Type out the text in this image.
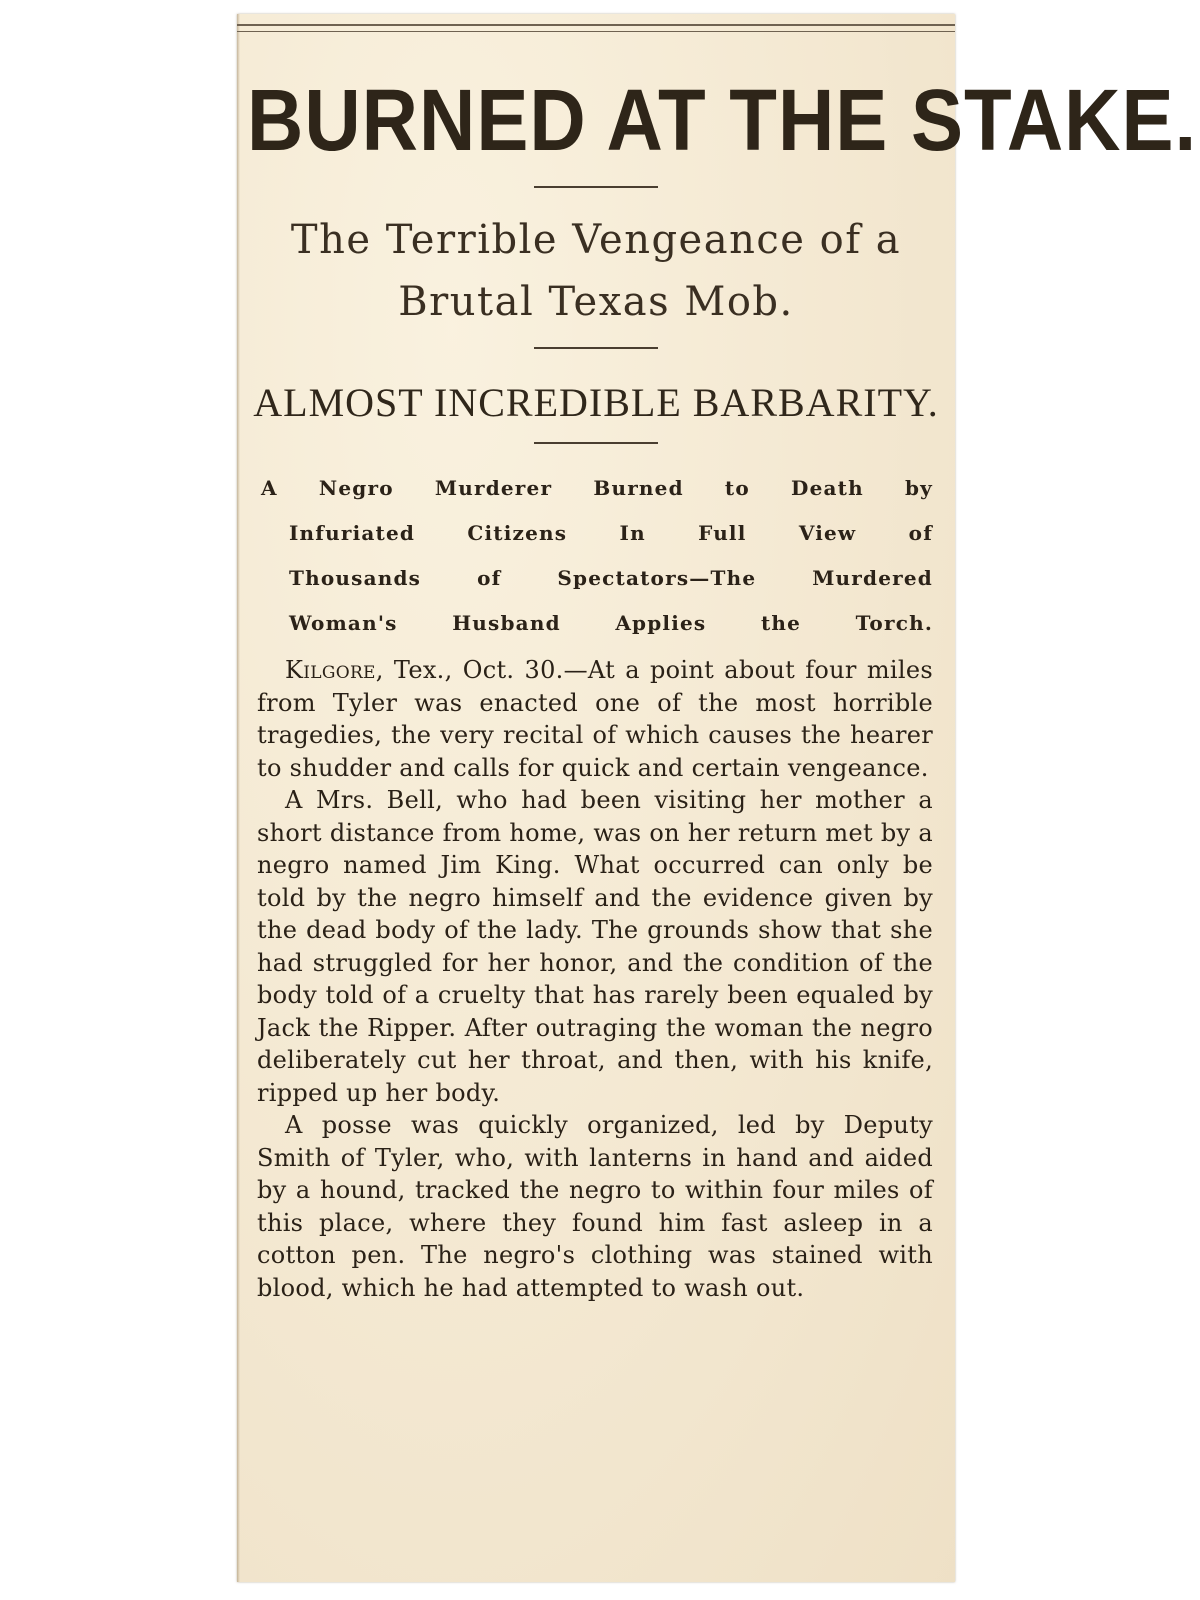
BURNED AT THE STAKE.
The Terrible Vengeance of a
Brutal Texas Mob.
ALMOST INCREDIBLE BARBARITY.
A Negro Murderer Burned to Death by
Infuriated Citizens In Full View of
Thousands of Spectators—The Murdered
Woman's Husband Applies the Torch.

Kilgore, Tex., Oct. 30.—At a point about four miles from Tyler was enacted one of the most horrible tragedies, the very recital of which causes the hearer to shudder and calls for quick and certain vengeance.

A Mrs. Bell, who had been visiting her mother a short distance from home, was on her return met by a negro named Jim King. What occurred can only be told by the negro himself and the evidence given by the dead body of the lady. The grounds show that she had struggled for her honor, and the condition of the body told of a cruelty that has rarely been equaled by Jack the Ripper. After outraging the woman the negro deliberately cut her throat, and then, with his knife, ripped up her body.

A posse was quickly organized, led by Deputy Smith of Tyler, who, with lanterns in hand and aided by a hound, tracked the negro to within four miles of this place, where they found him fast asleep in a cotton pen. The negro's clothing was stained with blood, which he had attempted to wash out.
